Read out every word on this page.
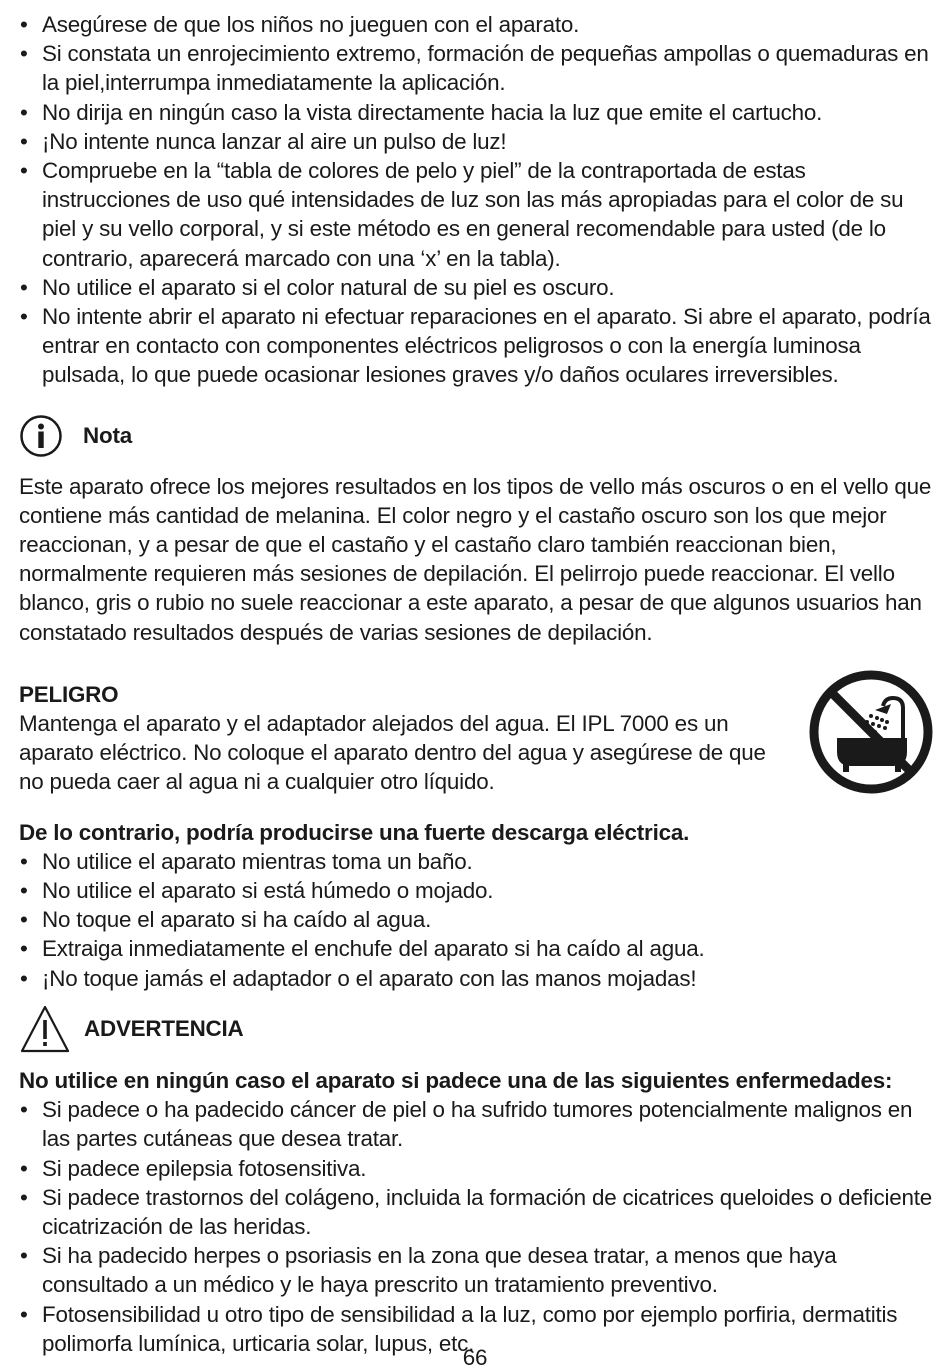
• Asegúrese de que los niños no jueguen con el aparato.
• Si constata un enrojecimiento extremo, formación de pequeñas ampollas o quemaduras en la piel,interrumpa inmediatamente la aplicación.
• No dirija en ningún caso la vista directamente hacia la luz que emite el cartucho.
• ¡No intente nunca lanzar al aire un pulso de luz!
• Compruebe en la “tabla de colores de pelo y piel” de la contraportada de estas instrucciones de uso qué intensidades de luz son las más apropiadas para el color de su piel y su vello corporal, y si este método es en general recomendable para usted (de lo contrario, aparecerá marcado con una ‘x’ en la tabla).
• No utilice el aparato si el color natural de su piel es oscuro.
• No intente abrir el aparato ni efectuar reparaciones en el aparato. Si abre el aparato, podría entrar en contacto con componentes eléctricos peligrosos o con la energía luminosa pulsada, lo que puede ocasionar lesiones graves y/o daños oculares irreversibles.
Nota

Este aparato ofrece los mejores resultados en los tipos de vello más oscuros o en el vello que contiene más cantidad de melanina. El color negro y el castaño oscuro son los que mejor reaccionan, y a pesar de que el castaño y el castaño claro también reaccionan bien, normalmente requieren más sesiones de depilación. El pelirrojo puede reaccionar. El vello blanco, gris o rubio no suele reaccionar a este aparato, a pesar de que algunos usuarios han constatado resultados después de varias sesiones de depilación.

PELIGRO

Mantenga el aparato y el adaptador alejados del agua. El IPL 7000 es un aparato eléctrico. No coloque el aparato dentro del agua y asegúrese de que no pueda caer al agua ni a cualquier otro líquido.

De lo contrario, podría producirse una fuerte descarga eléctrica.
• No utilice el aparato mientras toma un baño.
• No utilice el aparato si está húmedo o mojado.
• No toque el aparato si ha caído al agua.
• Extraiga inmediatamente el enchufe del aparato si ha caído al agua.
• ¡No toque jamás el adaptador o el aparato con las manos mojadas!
ADVERTENCIA
No utilice en ningún caso el aparato si padece una de las siguientes enfermedades:
• Si padece o ha padecido cáncer de piel o ha sufrido tumores potencialmente malignos en las partes cutáneas que desea tratar.
• Si padece epilepsia fotosensitiva.
• Si padece trastornos del colágeno, incluida la formación de cicatrices queloides o deficiente cicatrización de las heridas.
• Si ha padecido herpes o psoriasis en la zona que desea tratar, a menos que haya consultado a un médico y le haya prescrito un tratamiento preventivo.
• Fotosensibilidad u otro tipo de sensibilidad a la luz, como por ejemplo porfiria, dermatitis polimorfa lumínica, urticaria solar, lupus, etc.
66
